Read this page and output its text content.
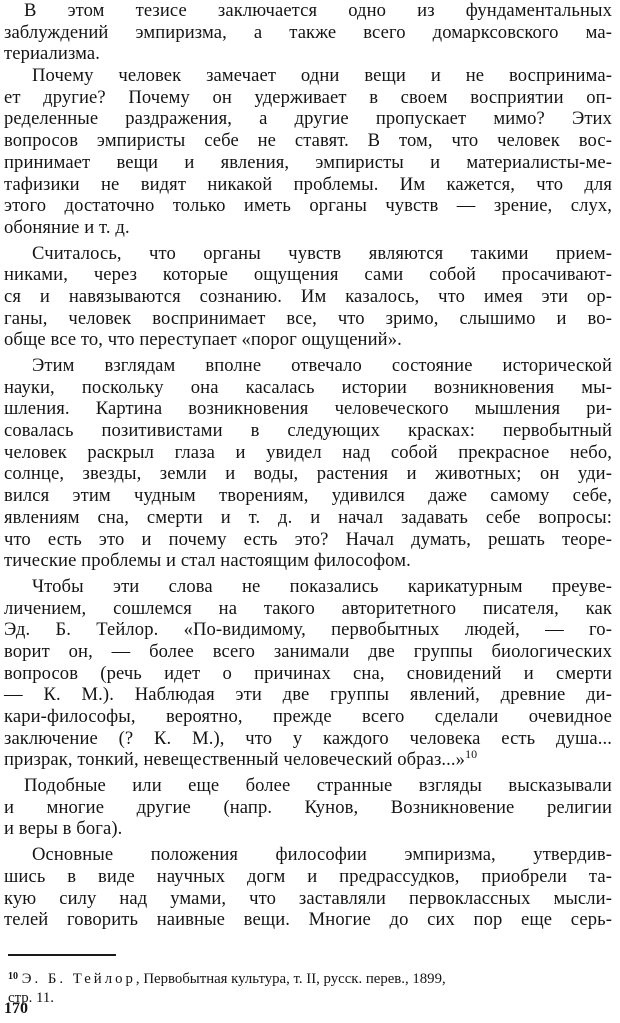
В этом тезисе заключается одно из фундаментальных
заблуждений эмпиризма, а также всего домарксовского ма-
териализма.
Почему человек замечает одни вещи и не воспринима-
ет другие? Почему он удерживает в своем восприятии оп-
ределенные раздражения, а другие пропускает мимо? Этих
вопросов эмпиристы себе не ставят. В том, что человек вос-
принимает вещи и явления, эмпиристы и материалисты-ме-
тафизики не видят никакой проблемы. Им кажется, что для
этого достаточно только иметь органы чувств — зрение, слух,
обоняние и т. д.
Считалось, что органы чувств являются такими прием-
никами, через которые ощущения сами собой просачивают-
ся и навязываются сознанию. Им казалось, что имея эти ор-
ганы, человек воспринимает все, что зримо, слышимо и во-
обще все то, что переступает «порог ощущений».
Этим взглядам вполне отвечало состояние исторической
науки, поскольку она касалась истории возникновения мы-
шления. Картина возникновения человеческого мышления ри-
совалась позитивистами в следующих красках: первобытный
человек раскрыл глаза и увидел над собой прекрасное небо,
солнце, звезды, земли и воды, растения и животных; он уди-
вился этим чудным творениям, удивился даже самому себе,
явлениям сна, смерти и т. д. и начал задавать себе вопросы:
что есть это и почему есть это? Начал думать, решать теоре-
тические проблемы и стал настоящим философом.
Чтобы эти слова не показались карикатурным преуве-
личением, сошлемся на такого авторитетного писателя, как
Эд. Б. Тейлор. «По-видимому, первобытных людей, — го-
ворит он, — более всего занимали две группы биологических
вопросов (речь идет о причинах сна, сновидений и смерти
— К. М.). Наблюдая эти две группы явлений, древние ди-
кари-философы, вероятно, прежде всего сделали очевидное
заключение (? К. М.), что у каждого человека есть душа...
призрак, тонкий, невещественный человеческий образ...»$^{10}$
Подобные или еще более странные взгляды высказывали
и многие другие (напр. Кунов, Возникновение религии
и веры в бога).
Основные положения философии эмпиризма, утвердив-
шись в виде научных догм и предрассудков, приобрели та-
кую силу над умами, что заставляли первоклассных мысли-
телей говорить наивные вещи. Многие до сих пор еще серь-
$^{10}$ Э. Б. Тейлор, Первобытная культура, т. II, русск. перев., 1899,
стр. 11.
170
